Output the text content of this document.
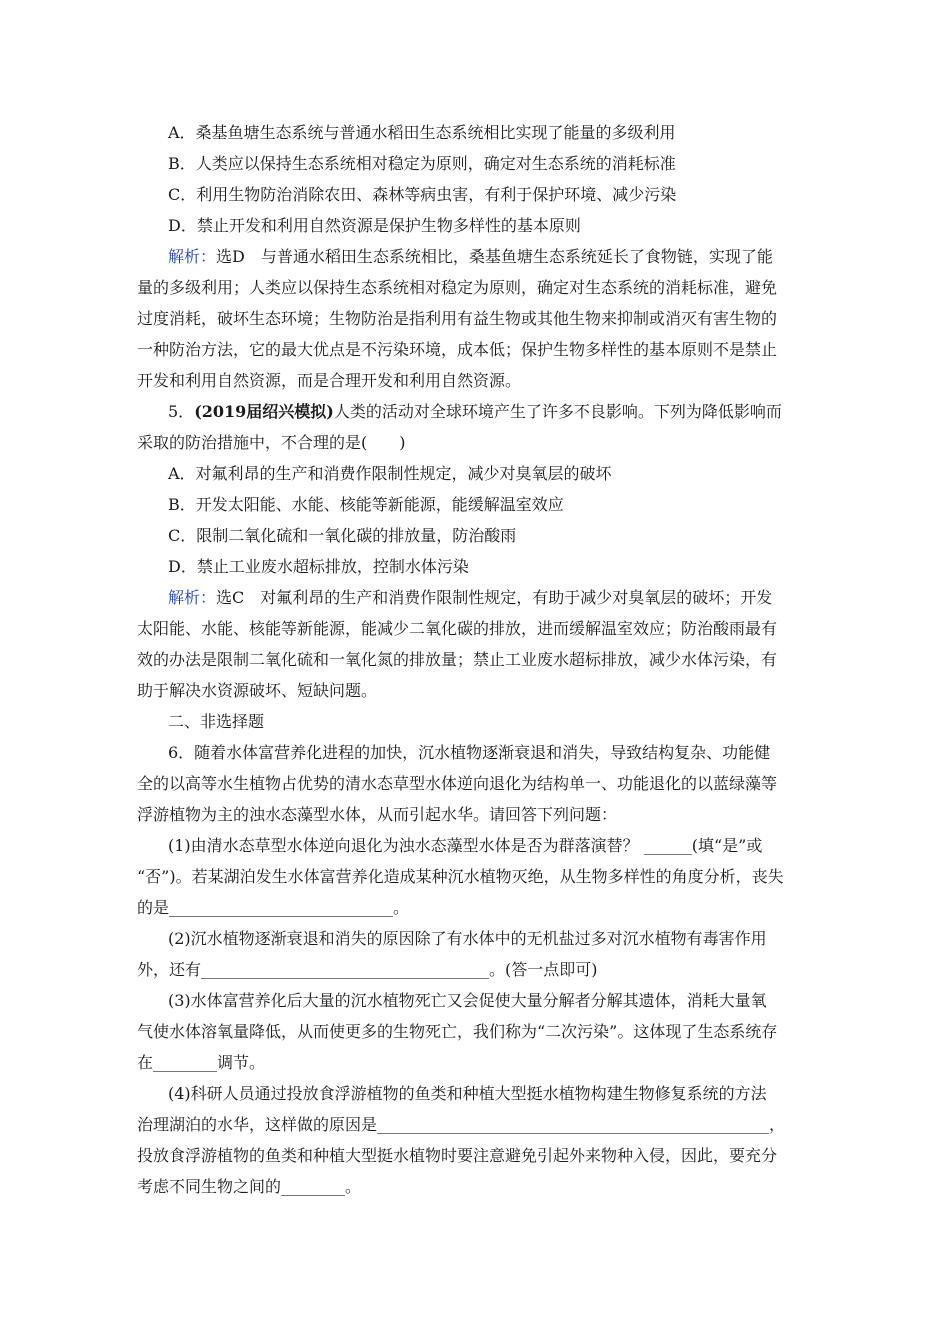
A．桑基鱼塘生态系统与普通水稻田生态系统相比实现了能量的多级利用
B．人类应以保持生态系统相对稳定为原则，确定对生态系统的消耗标准
C．利用生物防治消除农田、森林等病虫害，有利于保护环境、减少污染
D．禁止开发和利用自然资源是保护生物多样性的基本原则
解析：选D　与普通水稻田生态系统相比，桑基鱼塘生态系统延长了食物链，实现了能
量的多级利用；人类应以保持生态系统相对稳定为原则，确定对生态系统的消耗标准，避免
过度消耗，破坏生态环境；生物防治是指利用有益生物或其他生物来抑制或消灭有害生物的
一种防治方法，它的最大优点是不污染环境，成本低；保护生物多样性的基本原则不是禁止
开发和利用自然资源，而是合理开发和利用自然资源。
5．(2019届绍兴模拟)人类的活动对全球环境产生了许多不良影响。下列为降低影响而
采取的防治措施中，不合理的是(　　)
A．对氟利昂的生产和消费作限制性规定，减少对臭氧层的破坏
B．开发太阳能、水能、核能等新能源，能缓解温室效应
C．限制二氧化硫和一氧化碳的排放量，防治酸雨
D．禁止工业废水超标排放，控制水体污染
解析：选C　对氟利昂的生产和消费作限制性规定，有助于减少对臭氧层的破坏；开发
太阳能、水能、核能等新能源，能减少二氧化碳的排放，进而缓解温室效应；防治酸雨最有
效的办法是限制二氧化硫和一氧化氮的排放量；禁止工业废水超标排放，减少水体污染，有
助于解决水资源破坏、短缺问题。
二、非选择题
6．随着水体富营养化进程的加快，沉水植物逐渐衰退和消失，导致结构复杂、功能健
全的以高等水生植物占优势的清水态草型水体逆向退化为结构单一、功能退化的以蓝绿藻等
浮游植物为主的浊水态藻型水体，从而引起水华。请回答下列问题：
(1)由清水态草型水体逆向退化为浊水态藻型水体是否为群落演替？ ______(填“是”或
“否”)。若某湖泊发生水体富营养化造成某种沉水植物灭绝，从生物多样性的角度分析，丧失
的是____________________________。
(2)沉水植物逐渐衰退和消失的原因除了有水体中的无机盐过多对沉水植物有毒害作用
外，还有____________________________________。(答一点即可)
(3)水体富营养化后大量的沉水植物死亡又会促使大量分解者分解其遗体，消耗大量氧
气使水体溶氧量降低，从而使更多的生物死亡，我们称为“二次污染”。这体现了生态系统存
在________调节。
(4)科研人员通过投放食浮游植物的鱼类和种植大型挺水植物构建生物修复系统的方法
治理湖泊的水华，这样做的原因是_________________________________________________，
投放食浮游植物的鱼类和种植大型挺水植物时要注意避免引起外来物种入侵，因此，要充分
考虑不同生物之间的________。
